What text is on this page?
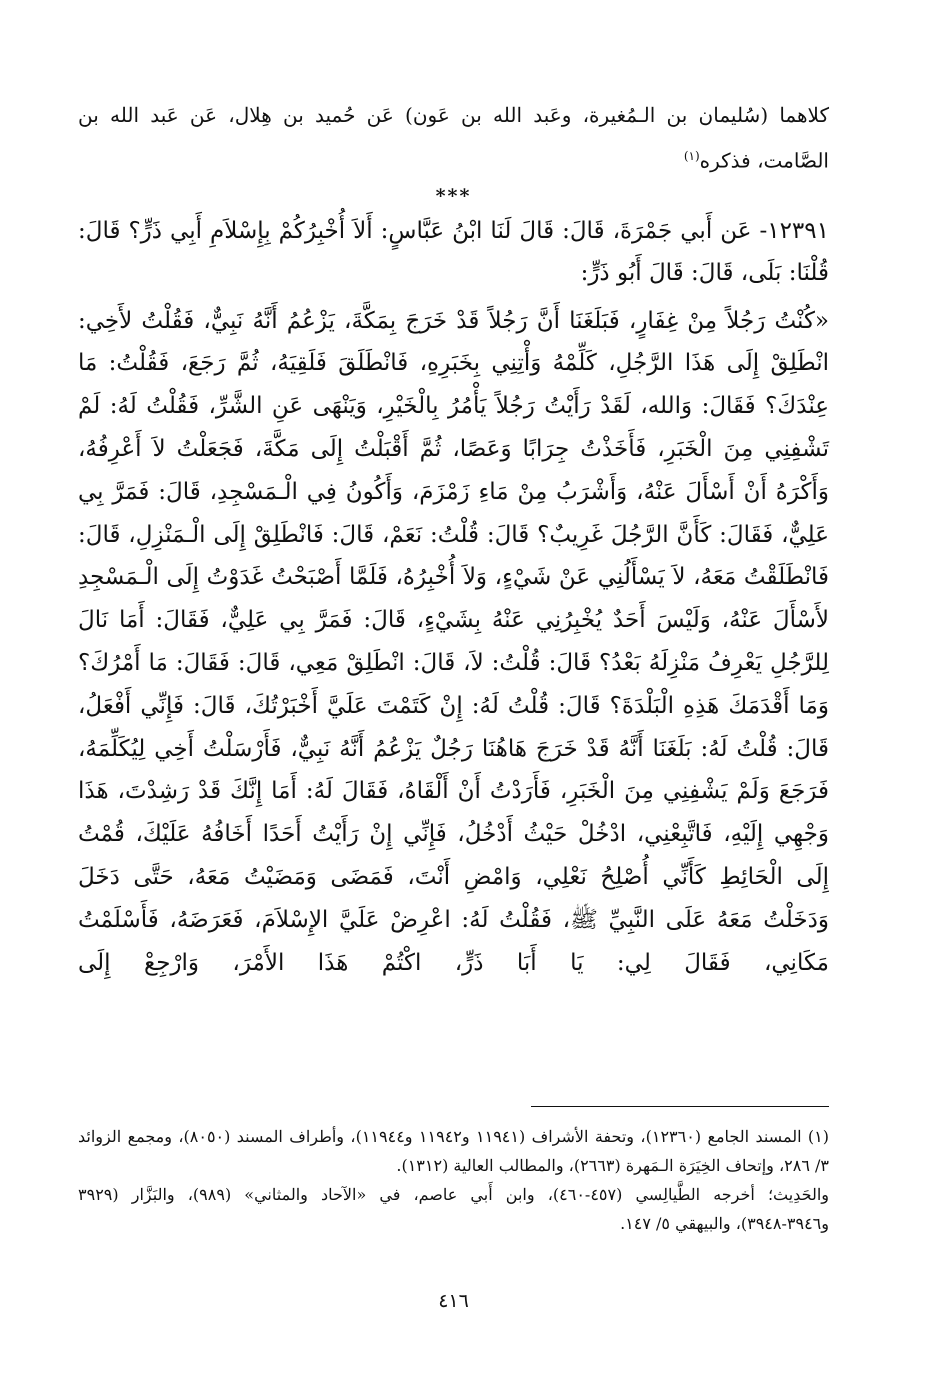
كلاهما (سُليمان بن الـمُغيرة، وعَبد الله بن عَون) عَن حُميد بن هِلال، عَن عَبد الله بن الصَّامت، فذكره$^{(١)}$

***

١٢٣٩١- عَن أَبي جَمْرَةَ، قَالَ: قَالَ لَنَا ابْنُ عَبَّاسٍ: أَلاَ أُخْبِرُكُمْ بِإِسْلاَمِ أَبِي ذَرٍّ؟ قَالَ: قُلْنَا: بَلَى، قَالَ: قَالَ أَبُو ذَرٍّ:

«كُنْتُ رَجُلاً مِنْ غِفَارٍ، فَبَلَغَنَا أَنَّ رَجُلاً قَدْ خَرَجَ بِمَكَّةَ، يَزْعُمُ أَنَّهُ نَبِيٌّ، فَقُلْتُ لأَخِي: انْطَلِقْ إِلَى هَذَا الرَّجُلِ، كَلِّمْهُ وَأْتِنِي بِخَبَرِهِ، فَانْطَلَقَ فَلَقِيَهُ، ثُمَّ رَجَعَ، فَقُلْتُ: مَا عِنْدَكَ؟ فَقَالَ: وَالله، لَقَدْ رَأَيْتُ رَجُلاً يَأْمُرُ بِالْخَيْرِ، وَيَنْهَى عَنِ الشَّرِّ، فَقُلْتُ لَهُ: لَمْ تَشْفِنِي مِنَ الْخَبَرِ، فَأَخَذْتُ جِرَابًا وَعَصًا، ثُمَّ أَقْبَلْتُ إِلَى مَكَّةَ، فَجَعَلْتُ لاَ أَعْرِفُهُ، وَأَكْرَهُ أَنْ أَسْأَلَ عَنْهُ، وَأَشْرَبُ مِنْ مَاءِ زَمْزَمَ، وَأَكُونُ فِي الْـمَسْجِدِ، قَالَ: فَمَرَّ بِي عَلِيٌّ، فَقَالَ: كَأَنَّ الرَّجُلَ غَرِيبٌ؟ قَالَ: قُلْتُ: نَعَمْ، قَالَ: فَانْطَلِقْ إِلَى الْـمَنْزِلِ، قَالَ: فَانْطَلَقْتُ مَعَهُ، لاَ يَسْأَلُنِي عَنْ شَيْءٍ، وَلاَ أُخْبِرُهُ، فَلَمَّا أَصْبَحْتُ غَدَوْتُ إِلَى الْـمَسْجِدِ لأَسْأَلَ عَنْهُ، وَلَيْسَ أَحَدٌ يُخْبِرُنِي عَنْهُ بِشَيْءٍ، قَالَ: فَمَرَّ بِي عَلِيٌّ، فَقَالَ: أَمَا نَالَ لِلرَّجُلِ يَعْرِفُ مَنْزِلَهُ بَعْدُ؟ قَالَ: قُلْتُ: لاَ، قَالَ: انْطَلِقْ مَعِي، قَالَ: فَقَالَ: مَا أَمْرُكَ؟ وَمَا أَقْدَمَكَ هَذِهِ الْبَلْدَةَ؟ قَالَ: قُلْتُ لَهُ: إِنْ كَتَمْتَ عَلَيَّ أَخْبَرْتُكَ، قَالَ: فَإِنِّي أَفْعَلُ، قَالَ: قُلْتُ لَهُ: بَلَغَنَا أَنَّهُ قَدْ خَرَجَ هَاهُنَا رَجُلٌ يَزْعُمُ أَنَّهُ نَبِيٌّ، فَأَرْسَلْتُ أَخِي لِيُكَلِّمَهُ، فَرَجَعَ وَلَمْ يَشْفِنِي مِنَ الْخَبَرِ، فَأَرَدْتُ أَنْ أَلْقَاهُ، فَقَالَ لَهُ: أَمَا إِنَّكَ قَدْ رَشِدْتَ، هَذَا وَجْهِي إِلَيْهِ، فَاتَّبِعْنِي، ادْخُلْ حَيْثُ أَدْخُلُ، فَإِنِّي إِنْ رَأَيْتُ أَحَدًا أَخَافُهُ عَلَيْكَ، قُمْتُ إِلَى الْحَائِطِ كَأَنِّي أُصْلِحُ نَعْلِي، وَامْضِ أَنْتَ، فَمَضَى وَمَضَيْتُ مَعَهُ، حَتَّى دَخَلَ وَدَخَلْتُ مَعَهُ عَلَى النَّبِيِّ ﷺ، فَقُلْتُ لَهُ: اعْرِضْ عَلَيَّ الإِسْلاَمَ، فَعَرَضَهُ، فَأَسْلَمْتُ مَكَانِي، فَقَالَ لِي: يَا أَبَا ذَرٍّ، اكْتُمْ هَذَا الأَمْرَ، وَارْجِعْ إِلَى

(١) المسند الجامع (١٢٣٦٠)، وتحفة الأشراف (١١٩٤١ و١١٩٤٢ و١١٩٤٤)، وأطراف المسند (٨٠٥٠)، ومجمع الزوائد ٣/ ٢٨٦، وإتحاف الخِيَرَة الـمَهرة (٢٦٦٣)، والمطالب العالية (١٣١٢).

والحَدِيث؛ أخرجه الطَّيالِسي (٤٥٧-٤٦٠)، وابن أَبي عاصم، في «الآحاد والمثاني» (٩٨٩)، والبَزَّار (٣٩٢٩ و٣٩٤٦-٣٩٤٨)، والبيهقي ٥/ ١٤٧.

٤١٦
